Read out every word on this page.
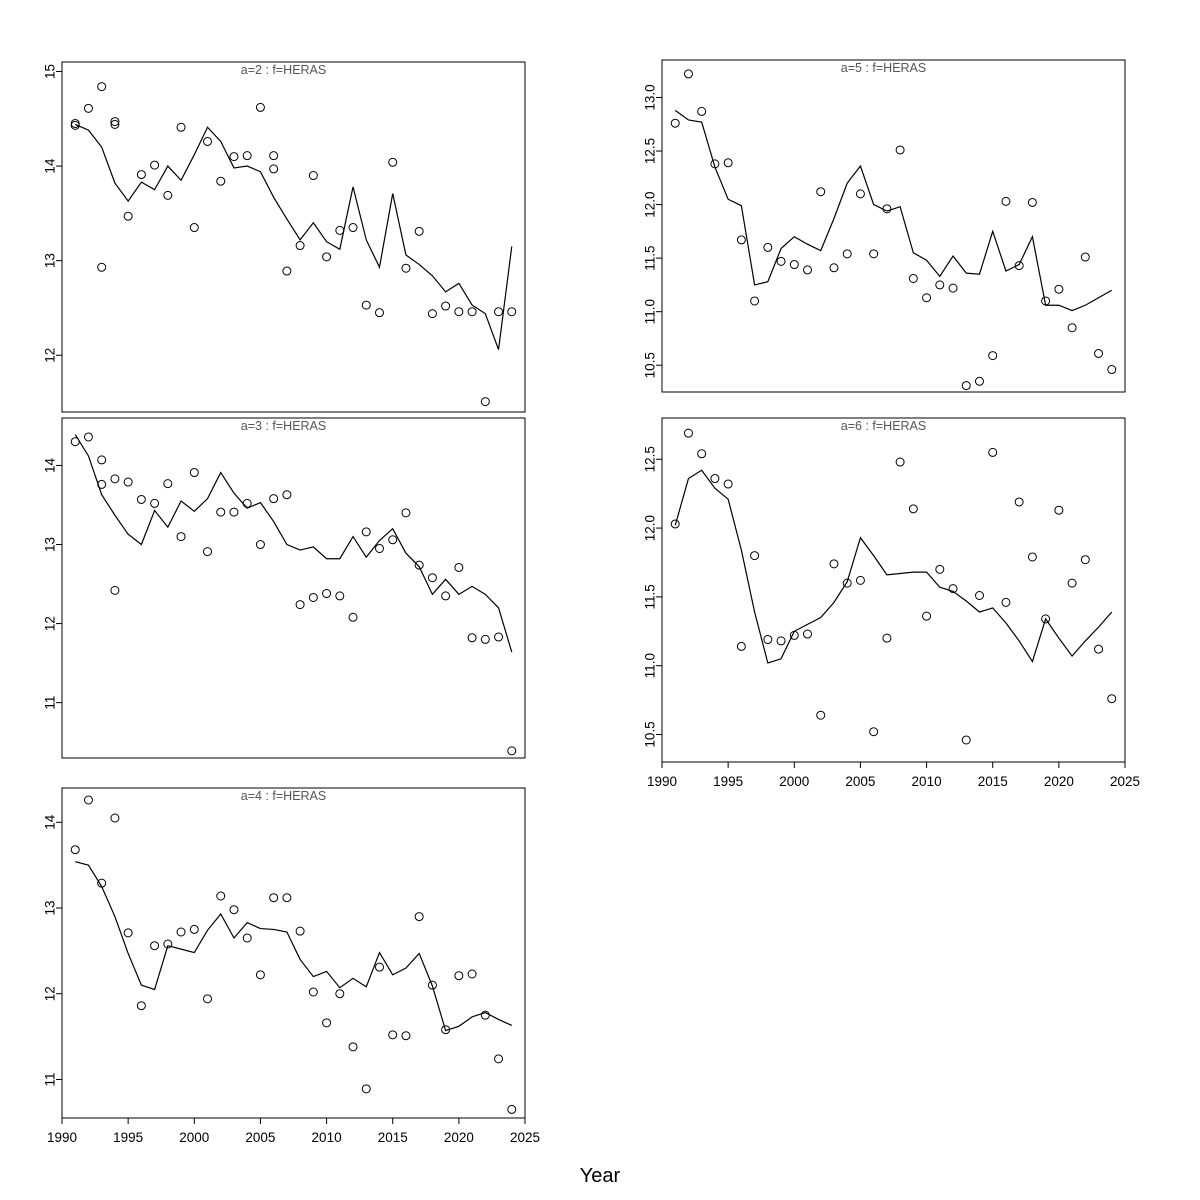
12
13
14
15	a=2 : f=HERAS
11
12
13
14
a=3 : f=HERAS
11
12
13
14
1990	1995	2000	2005	2010	2015	2020	2025
a=4 : f=HERAS
10.5
11.0
11.5
12.0
12.5
13.0
a=5 : f=HERAS
10.5
11.0
11.5
12.0
12.5
1990	1995	2000	2005	2010	2015	2020	2025
a=6 : f=HERAS
Year
